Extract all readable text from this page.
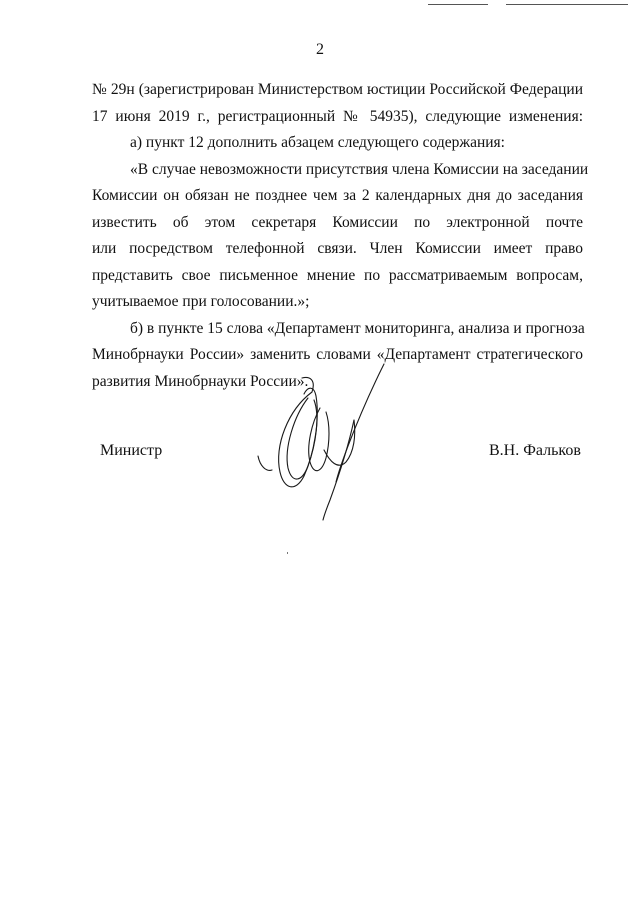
2
№ 29н (зарегистрирован Министерством юстиции Российской Федерации
17 июня 2019 г., регистрационный № 54935), следующие изменения:
а) пункт 12 дополнить абзацем следующего содержания:
«В случае невозможности присутствия члена Комиссии на заседании
Комиссии он обязан не позднее чем за 2 календарных дня до заседания
известить об этом секретаря Комиссии по электронной почте
или посредством телефонной связи. Член Комиссии имеет право
представить свое письменное мнение по рассматриваемым вопросам,
учитываемое при голосовании.»;
б) в пункте 15 слова «Департамент мониторинга, анализа и прогноза
Минобрнауки России» заменить словами «Департамент стратегического
развития Минобрнауки России».
Министр	В.Н. Фальков
